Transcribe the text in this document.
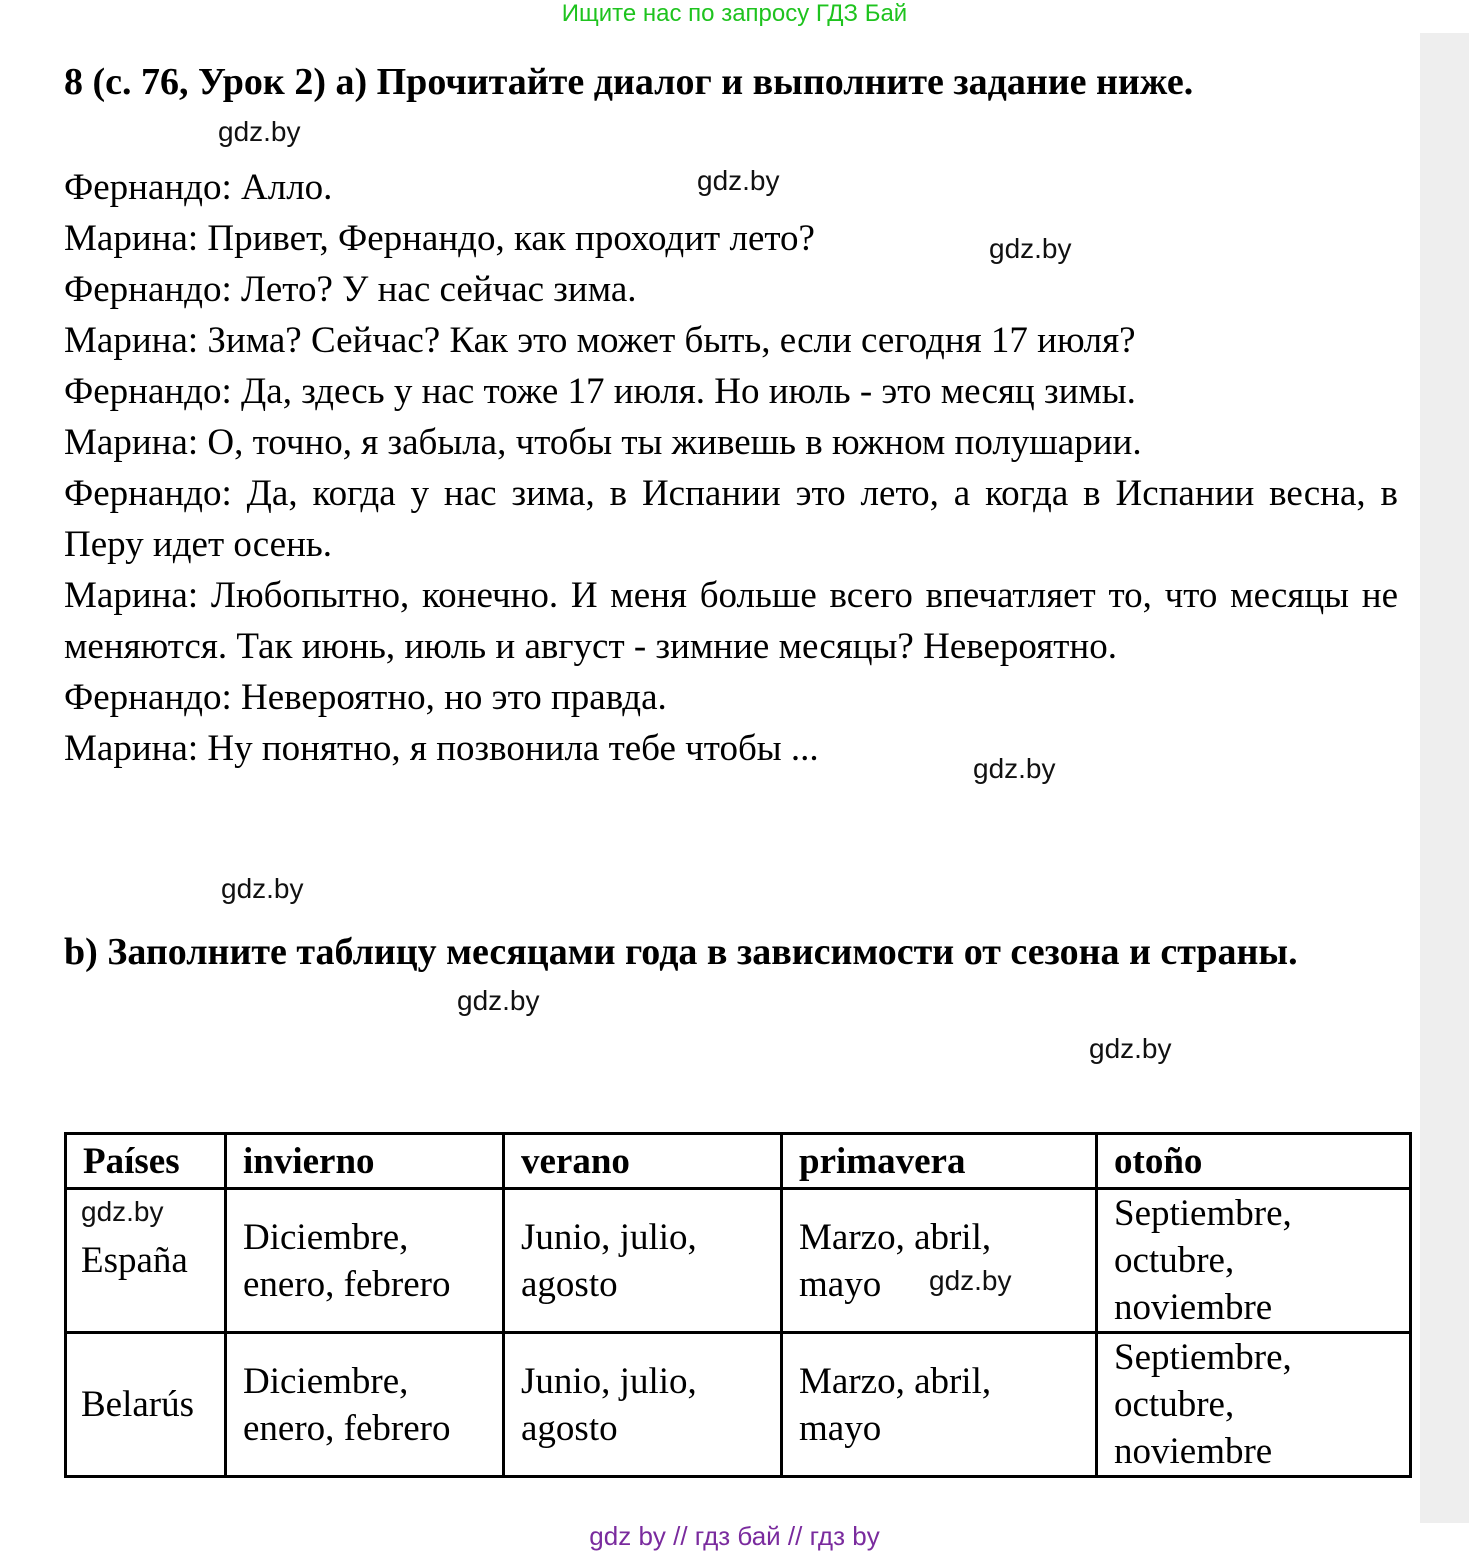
Ищите нас по запросу ГДЗ Бай
8 (с. 76, Урок 2) a) Прочитайте диалог и выполните задание ниже.

Фернандо: Алло.

Марина: Привет, Фернандо, как проходит лето?

Фернандо: Лето? У нас сейчас зима.

Марина: Зима? Сейчас? Как это может быть, если сегодня 17 июля?

Фернандо: Да, здесь у нас тоже 17 июля. Но июль - это месяц зимы.

Марина: О, точно, я забыла, чтобы ты живешь в южном полушарии.

Фернандо: Да, когда у нас зима, в Испании это лето, а когда в Испании весна, в Перу идет осень.

Марина: Любопытно, конечно. И меня больше всего впечатляет то, что месяцы не меняются. Так июнь, июль и август - зимние месяцы? Невероятно.

Фернандо: Невероятно, но это правда.

Марина: Ну понятно, я позвонила тебе чтобы ...

b) Заполните таблицу месяцами года в зависимости от сезона и страны.
gdz.by
gdz.by
gdz.by
gdz.by
gdz.by
gdz.by
gdz.by
Países	invierno	verano	primavera	otoño
España	Diciembre, enero, febrero	Junio, julio, agosto	Marzo, abril, mayo	Septiembre, octubre, noviembre
Belarús	Diciembre, enero, febrero	Junio, julio, agosto	Marzo, abril, mayo	Septiembre, octubre, noviembre
gdz.by
gdz.by
gdz by // гдз бай // гдз by
